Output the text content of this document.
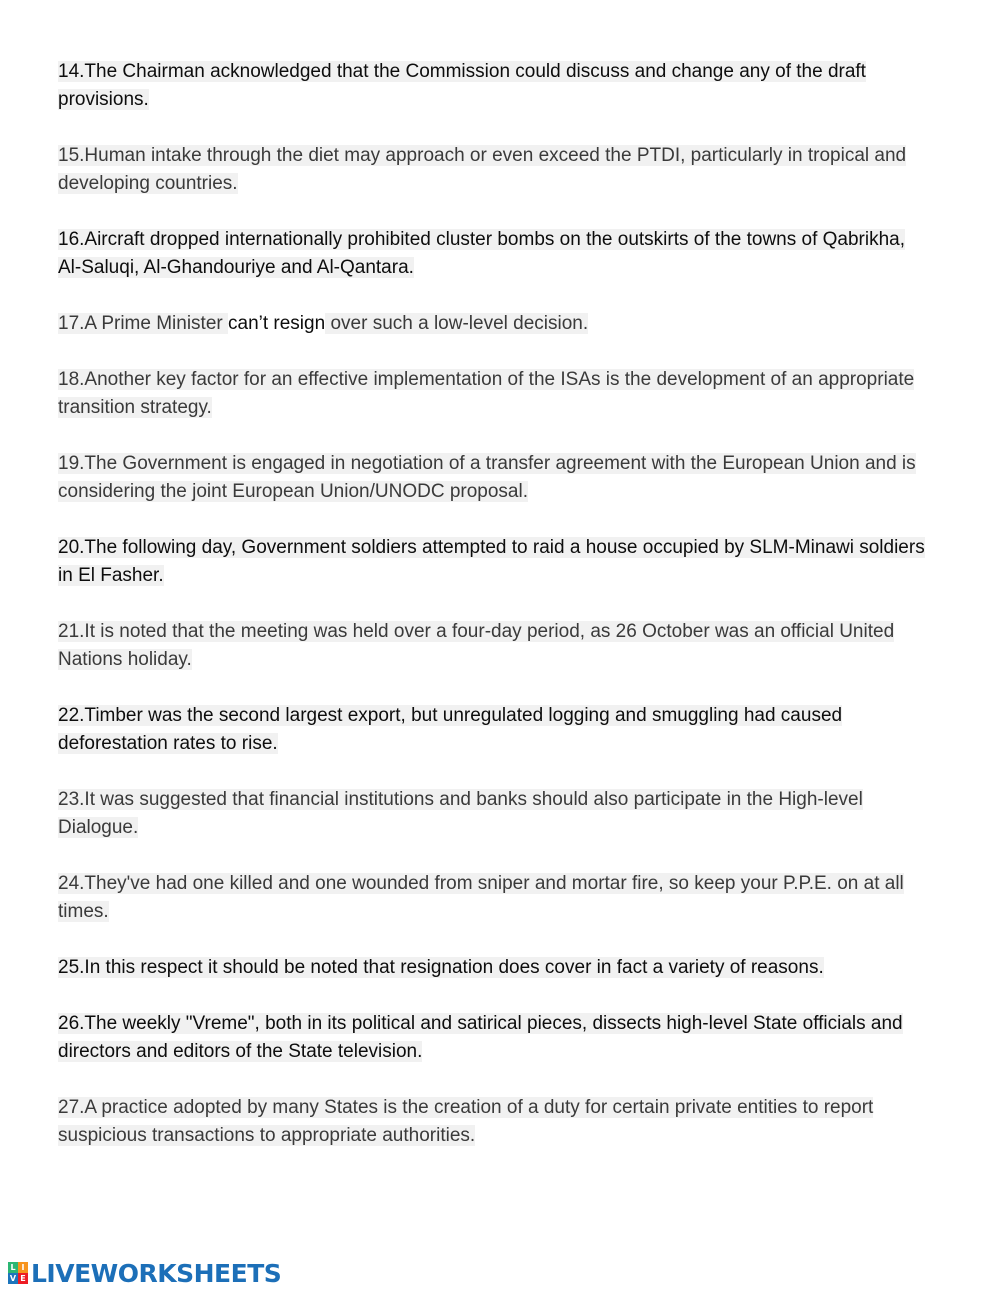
14.The Chairman acknowledged that the Commission could discuss and change any of the draft provisions.

15.Human intake through the diet may approach or even exceed the PTDI, particularly in tropical and developing countries.

16.Aircraft dropped internationally prohibited cluster bombs on the outskirts of the towns of Qabrikha, Al-Saluqi, Al-Ghandouriye and Al-Qantara.

17.A Prime Minister can’t resign over such a low-level decision.

18.Another key factor for an effective implementation of the ISAs is the development of an appropriate transition strategy.

19.The Government is engaged in negotiation of a transfer agreement with the European Union and is considering the joint European Union/UNODC proposal.

20.The following day, Government soldiers attempted to raid a house occupied by SLM-Minawi soldiers in El Fasher.

21.It is noted that the meeting was held over a four-day period, as 26 October was an official United Nations holiday.

22.Timber was the second largest export, but unregulated logging and smuggling had caused deforestation rates to rise.

23.It was suggested that financial institutions and banks should also participate in the High-level Dialogue.

24.They've had one killed and one wounded from sniper and mortar fire, so keep your P.P.E. on at all times.

25.In this respect it should be noted that resignation does cover in fact a variety of reasons.

26.The weekly "Vreme", both in its political and satirical pieces, dissects high-level State officials and directors and editors of the State television.

27.A practice adopted by many States is the creation of a duty for certain private entities to report suspicious transactions to appropriate authorities.

L I
V E LIVEWORKSHEETS
